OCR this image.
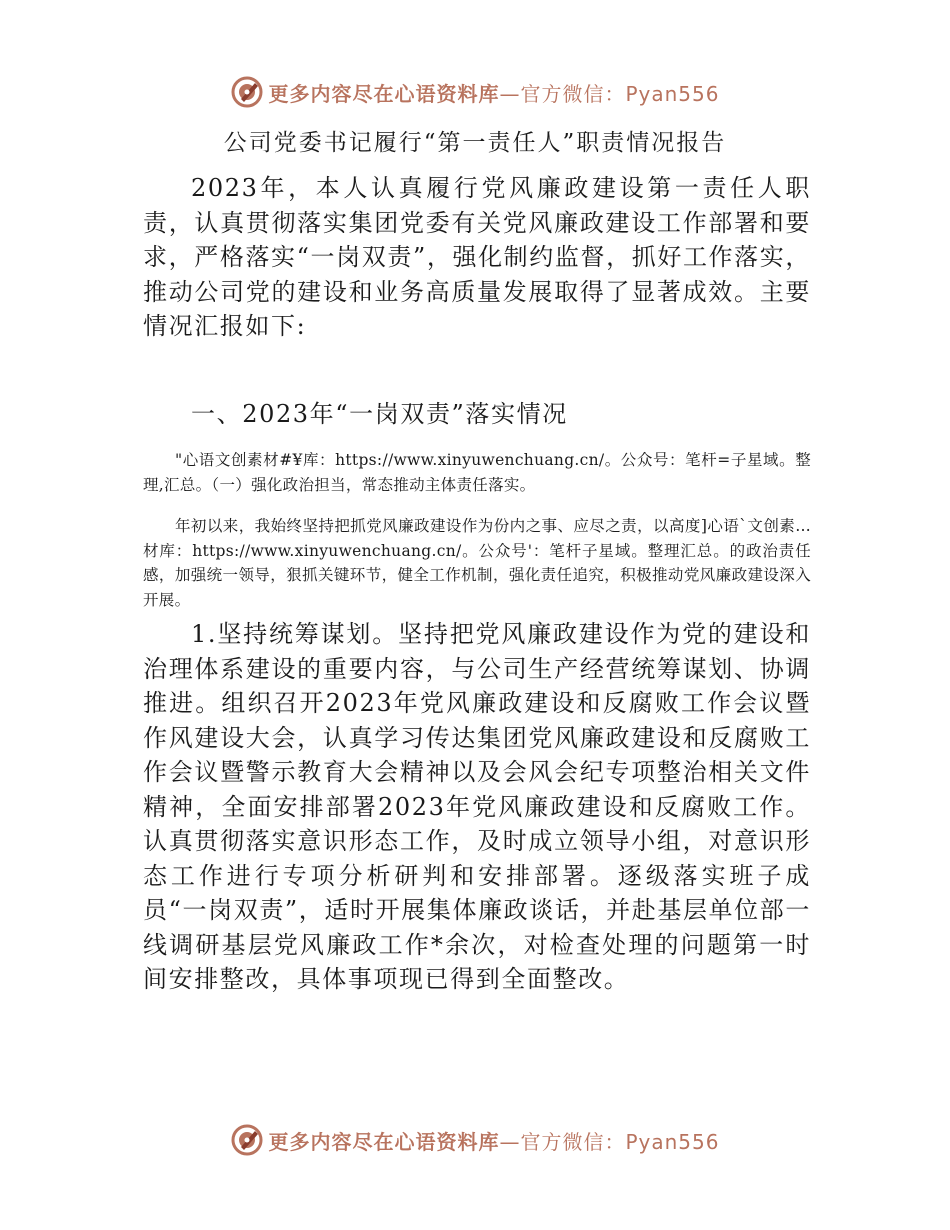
更多内容尽在心语资料库—官方微信：Pyan556
公司党委书记履行“第一责任人”职责情况报告

2023年，本人认真履行党风廉政建设第一责任人职责，认真贯彻落实集团党委有关党风廉政建设工作部署和要求，严格落实“一岗双责”，强化制约监督，抓好工作落实，推动公司党的建设和业务高质量发展取得了显著成效。主要情况汇报如下:

一、2023年“一岗双责”落实情况

"心语文创素材#¥库：https://www.xinyuwenchuang.cn/。公众号：笔杆=子星域。整理,汇总。（一）强化政治担当，常态推动主体责任落实。

年初以来，我始终坚持把抓党风廉政建设作为份内之事、应尽之责，以高度]心语`文创素…材库：https://www.xinyuwenchuang.cn/。公众号'：笔杆子星域。整理汇总。的政治责任感，加强统一领导，狠抓关键环节，健全工作机制，强化责任追究，积极推动党风廉政建设深入开展。

1.坚持统筹谋划。坚持把党风廉政建设作为党的建设和治理体系建设的重要内容，与公司生产经营统筹谋划、协调推进。组织召开2023年党风廉政建设和反腐败工作会议暨作风建设大会，认真学习传达集团党风廉政建设和反腐败工作会议暨警示教育大会精神以及会风会纪专项整治相关文件精神，全面安排部署2023年党风廉政建设和反腐败工作。认真贯彻落实意识形态工作，及时成立领导小组，对意识形态工作进行专项分析研判和安排部署。逐级落实班子成员“一岗双责”，适时开展集体廉政谈话，并赴基层单位部一线调研基层党风廉政工作*余次，对检查处理的问题第一时间安排整改，具体事项现已得到全面整改。

更多内容尽在心语资料库—官方微信：Pyan556
